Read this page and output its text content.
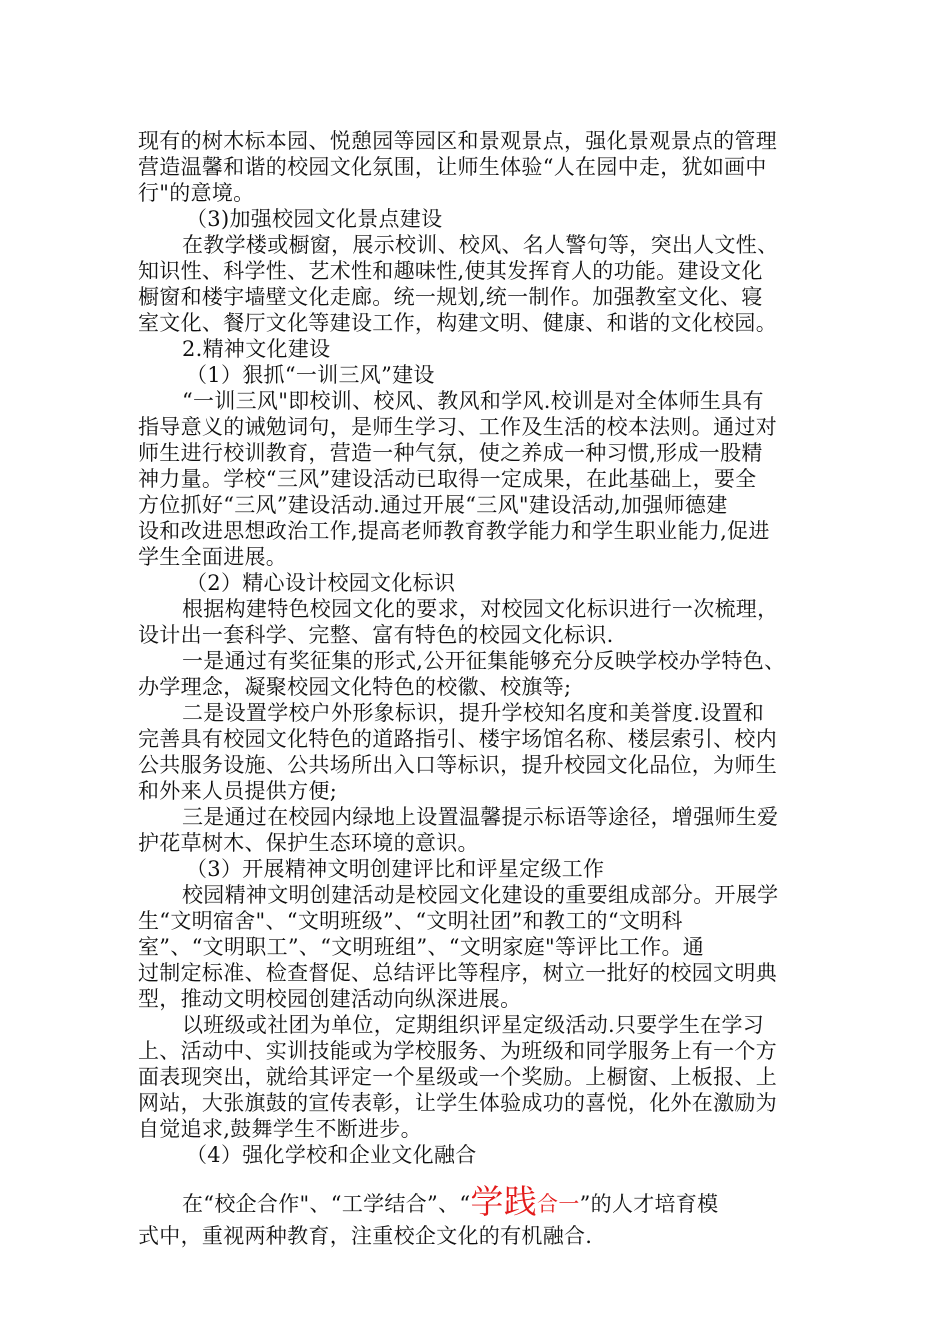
现有的树木标本园、悦憩园等园区和景观景点，强化景观景点的管理
营造温馨和谐的校园文化氛围，让师生体验“人在园中走，犹如画中
行"的意境。
（3)加强校园文化景点建设
在教学楼或橱窗，展示校训、校风、名人警句等，突出人文性、
知识性、科学性、艺术性和趣味性,使其发挥育人的功能。建设文化
橱窗和楼宇墙壁文化走廊。统一规划,统一制作。加强教室文化、寝
室文化、餐厅文化等建设工作，构建文明、健康、和谐的文化校园。
2.精神文化建设
（1）狠抓“一训三风”建设
“一训三风"即校训、校风、教风和学风.校训是对全体师生具有
指导意义的诫勉词句，是师生学习、工作及生活的校本法则。通过对
师生进行校训教育，营造一种气氛，使之养成一种习惯,形成一股精
神力量。学校“三风”建设活动已取得一定成果，在此基础上，要全
方位抓好“三风”建设活动.通过开展“三风"建设活动,加强师德建
设和改进思想政治工作,提高老师教育教学能力和学生职业能力,促进
学生全面进展。
（2）精心设计校园文化标识
根据构建特色校园文化的要求，对校园文化标识进行一次梳理，
设计出一套科学、完整、富有特色的校园文化标识.
一是通过有奖征集的形式,公开征集能够充分反映学校办学特色、
办学理念，凝聚校园文化特色的校徽、校旗等;
二是设置学校户外形象标识，提升学校知名度和美誉度.设置和
完善具有校园文化特色的道路指引、楼宇场馆名称、楼层索引、校内
公共服务设施、公共场所出入口等标识，提升校园文化品位，为师生
和外来人员提供方便;
三是通过在校园内绿地上设置温馨提示标语等途径，增强师生爱
护花草树木、保护生态环境的意识。
（3）开展精神文明创建评比和评星定级工作
校园精神文明创建活动是校园文化建设的重要组成部分。开展学
生“文明宿舍"、“文明班级”、“文明社团”和教工的“文明科
室”、“文明职工”、“文明班组”、“文明家庭"等评比工作。通
过制定标准、检查督促、总结评比等程序，树立一批好的校园文明典
型，推动文明校园创建活动向纵深进展。
以班级或社团为单位，定期组织评星定级活动.只要学生在学习
上、活动中、实训技能或为学校服务、为班级和同学服务上有一个方
面表现突出，就给其评定一个星级或一个奖励。上橱窗、上板报、上
网站，大张旗鼓的宣传表彰，让学生体验成功的喜悦，化外在激励为
自觉追求,鼓舞学生不断进步。
（4）强化学校和企业文化融合
在“校企合作"、“工学结合”、“学践合一”的人才培育模
式中，重视两种教育，注重校企文化的有机融合.
